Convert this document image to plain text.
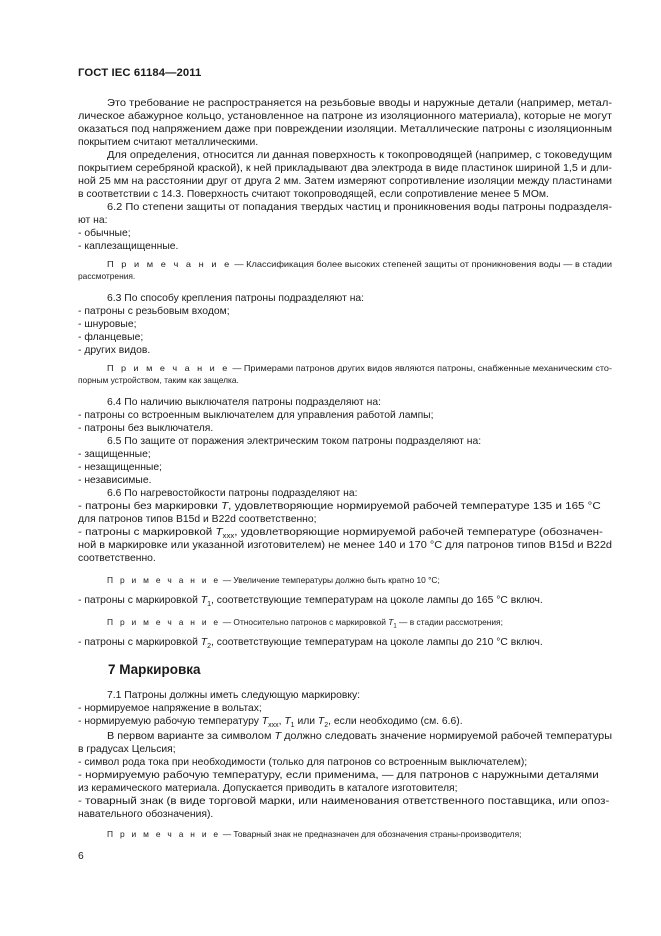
ГОСТ IEC 61184—2011
Это требование не распространяется на резьбовые вводы и наружные детали (например, метал-
лическое абажурное кольцо, установленное на патроне из изоляционного материала), которые не могут
оказаться под напряжением даже при повреждении изоляции. Металлические патроны с изоляционным
покрытием считают металлическими.
Для определения, относится ли данная поверхность к токопроводящей (например, с токоведущим
покрытием серебряной краской), к ней прикладывают два электрода в виде пластинок шириной 1,5 и дли-
ной 25 мм на расстоянии друг от друга 2 мм. Затем измеряют сопротивление изоляции между пластинами
в соответствии с 14.3. Поверхность считают токопроводящей, если сопротивление менее 5 МОм.
6.2 По степени защиты от попадания твердых частиц и проникновения воды патроны подразделя-
ют на:
- обычные;
- каплезащищенные.
П р и м е ч а н и е — Классификация более высоких степеней защиты от проникновения воды — в стадии
рассмотрения.
6.3 По способу крепления патроны подразделяют на:
- патроны с резьбовым входом;
- шнуровые;
- фланцевые;
- других видов.
П р и м е ч а н и е — Примерами патронов других видов являются патроны, снабженные механическим сто-
порным устройством, таким как защелка.
6.4 По наличию выключателя патроны подразделяют на:
- патроны со встроенным выключателем для управления работой лампы;
- патроны без выключателя.
6.5 По защите от поражения электрическим током патроны подразделяют на:
- защищенные;
- незащищенные;
- независимые.
6.6 По нагревостойкости патроны подразделяют на:
- патроны без маркировки T, удовлетворяющие нормируемой рабочей температуре 135 и 165 °С
для патронов типов B15d и B22d соответственно;
- патроны с маркировкой $T_{xxx}$, удовлетворяющие нормируемой рабочей температуре (обозначен-
ной в маркировке или указанной изготовителем) не менее 140 и 170 °С для патронов типов B15d и B22d
соответственно.
П р и м е ч а н и е — Увеличение температуры должно быть кратно 10 °С;
- патроны с маркировкой $T_1$, соответствующие температурам на цоколе лампы до 165 °С включ.
П р и м е ч а н и е — Относительно патронов с маркировкой $T_1$ — в стадии рассмотрения;
- патроны с маркировкой $T_2$, соответствующие температурам на цоколе лампы до 210 °С включ.
7 Маркировка
7.1 Патроны должны иметь следующую маркировку:
- нормируемое напряжение в вольтах;
- нормируемую рабочую температуру $T_{xxx}$, $T_1$ или $T_2$, если необходимо (см. 6.6).
В первом варианте за символом T должно следовать значение нормируемой рабочей температуры
в градусах Цельсия;
- символ рода тока при необходимости (только для патронов со встроенным выключателем);
- нормируемую рабочую температуру, если применима, — для патронов с наружными деталями
из керамического материала. Допускается приводить в каталоге изготовителя;
- товарный знак (в виде торговой марки, или наименования ответственного поставщика, или опоз-
навательного обозначения).
П р и м е ч а н и е — Товарный знак не предназначен для обозначения страны-производителя;
6
